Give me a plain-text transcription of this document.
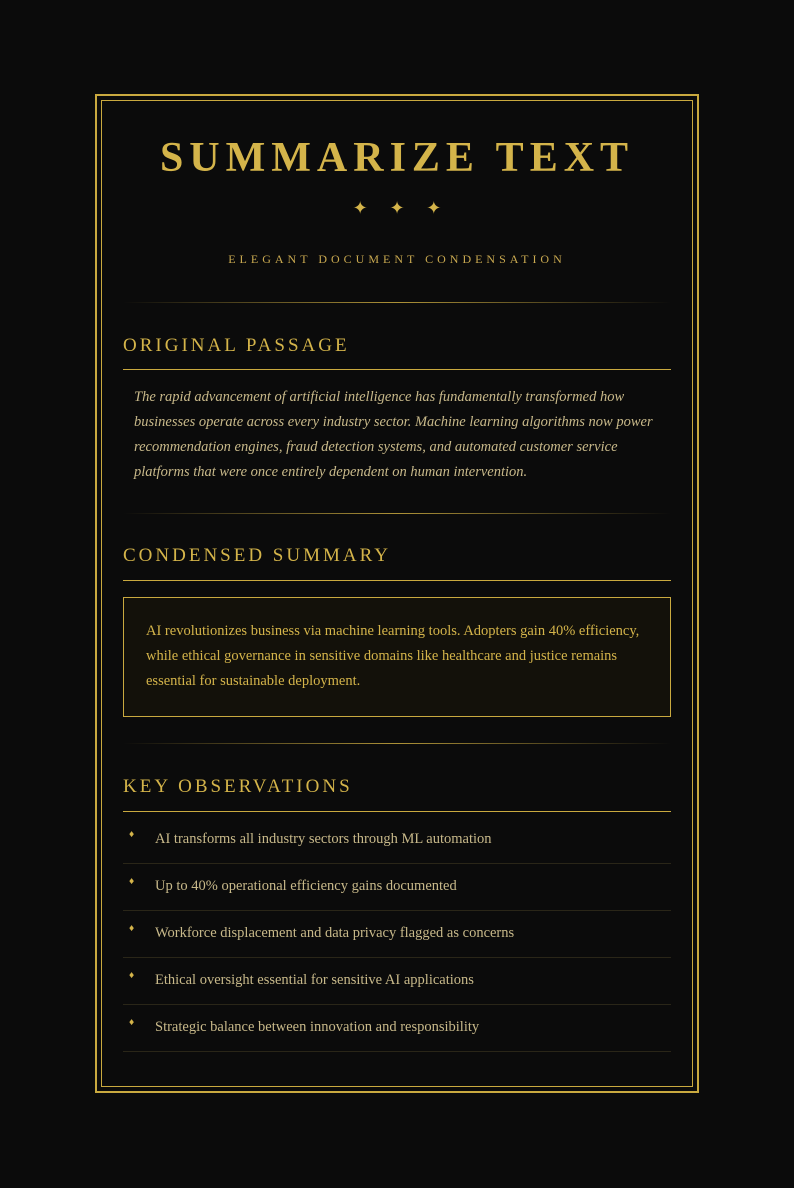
SUMMARIZE TEXT
✦ ✦ ✦
ELEGANT DOCUMENT CONDENSATION
ORIGINAL PASSAGE
The rapid advancement of artificial intelligence has fundamentally transformed how businesses operate across every industry sector. Machine learning algorithms now power recommendation engines, fraud detection systems, and automated customer service platforms that were once entirely dependent on human intervention.
CONDENSED SUMMARY
AI revolutionizes business via machine learning tools. Adopters gain 40% efficiency, while ethical governance in sensitive domains like healthcare and justice remains essential for sustainable deployment.
KEY OBSERVATIONS
♦ AI transforms all industry sectors through ML automation
♦ Up to 40% operational efficiency gains documented
♦ Workforce displacement and data privacy flagged as concerns
♦ Ethical oversight essential for sensitive AI applications
♦ Strategic balance between innovation and responsibility
